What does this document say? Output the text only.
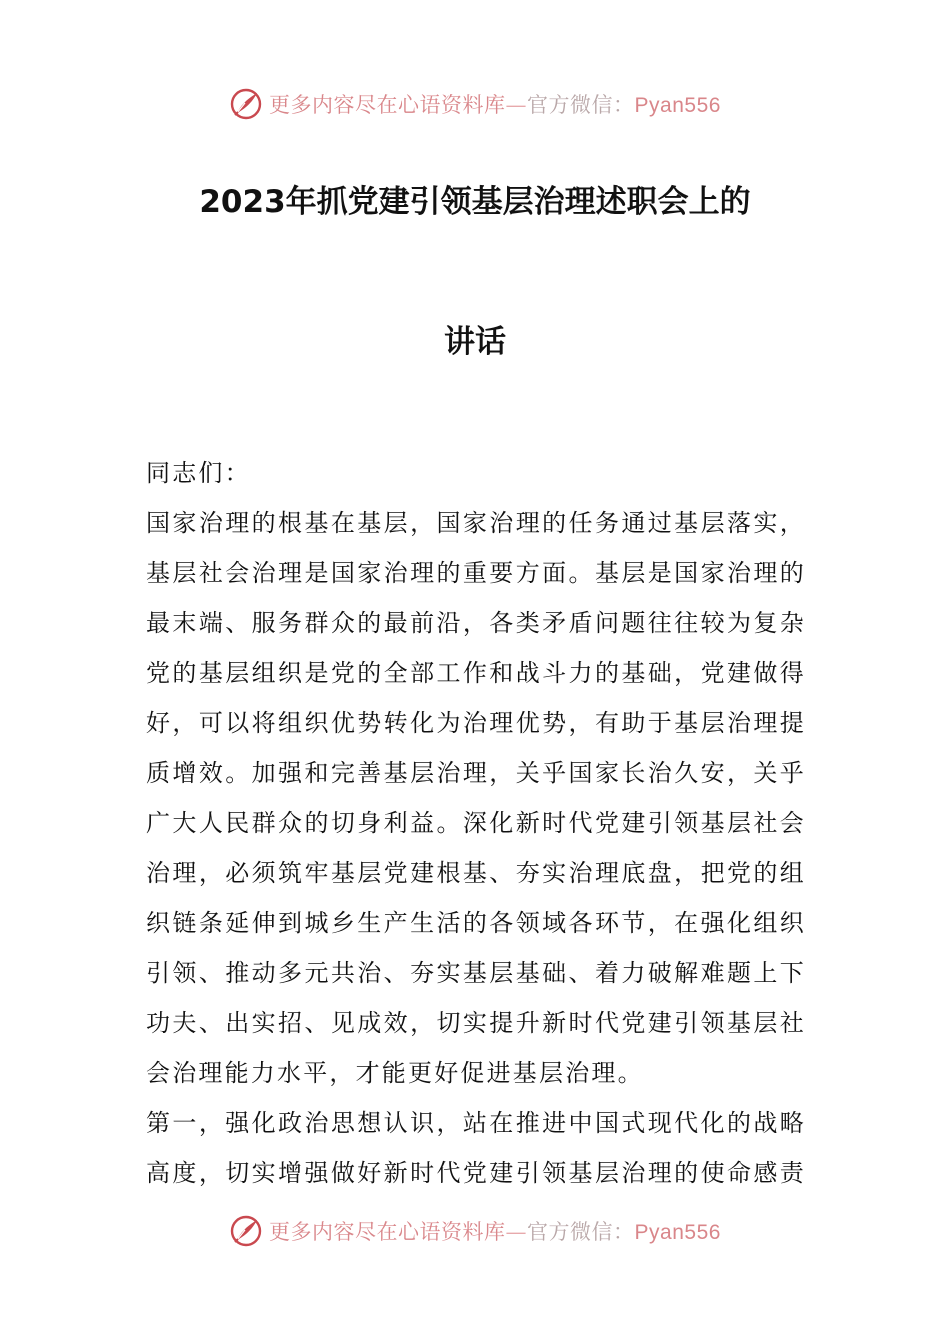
更多内容尽在心语资料库—官方微信：Pyan556
2023年抓党建引领基层治理述职会上的
讲话
同志们：
国家治理的根基在基层，国家治理的任务通过基层落实，
基层社会治理是国家治理的重要方面。基层是国家治理的
最末端、服务群众的最前沿，各类矛盾问题往往较为复杂
党的基层组织是党的全部工作和战斗力的基础，党建做得
好，可以将组织优势转化为治理优势，有助于基层治理提
质增效。加强和完善基层治理，关乎国家长治久安，关乎
广大人民群众的切身利益。深化新时代党建引领基层社会
治理，必须筑牢基层党建根基、夯实治理底盘，把党的组
织链条延伸到城乡生产生活的各领域各环节，在强化组织
引领、推动多元共治、夯实基层基础、着力破解难题上下
功夫、出实招、见成效，切实提升新时代党建引领基层社
会治理能力水平，才能更好促进基层治理。
第一，强化政治思想认识，站在推进中国式现代化的战略
高度，切实增强做好新时代党建引领基层治理的使命感责
更多内容尽在心语资料库—官方微信：Pyan556
